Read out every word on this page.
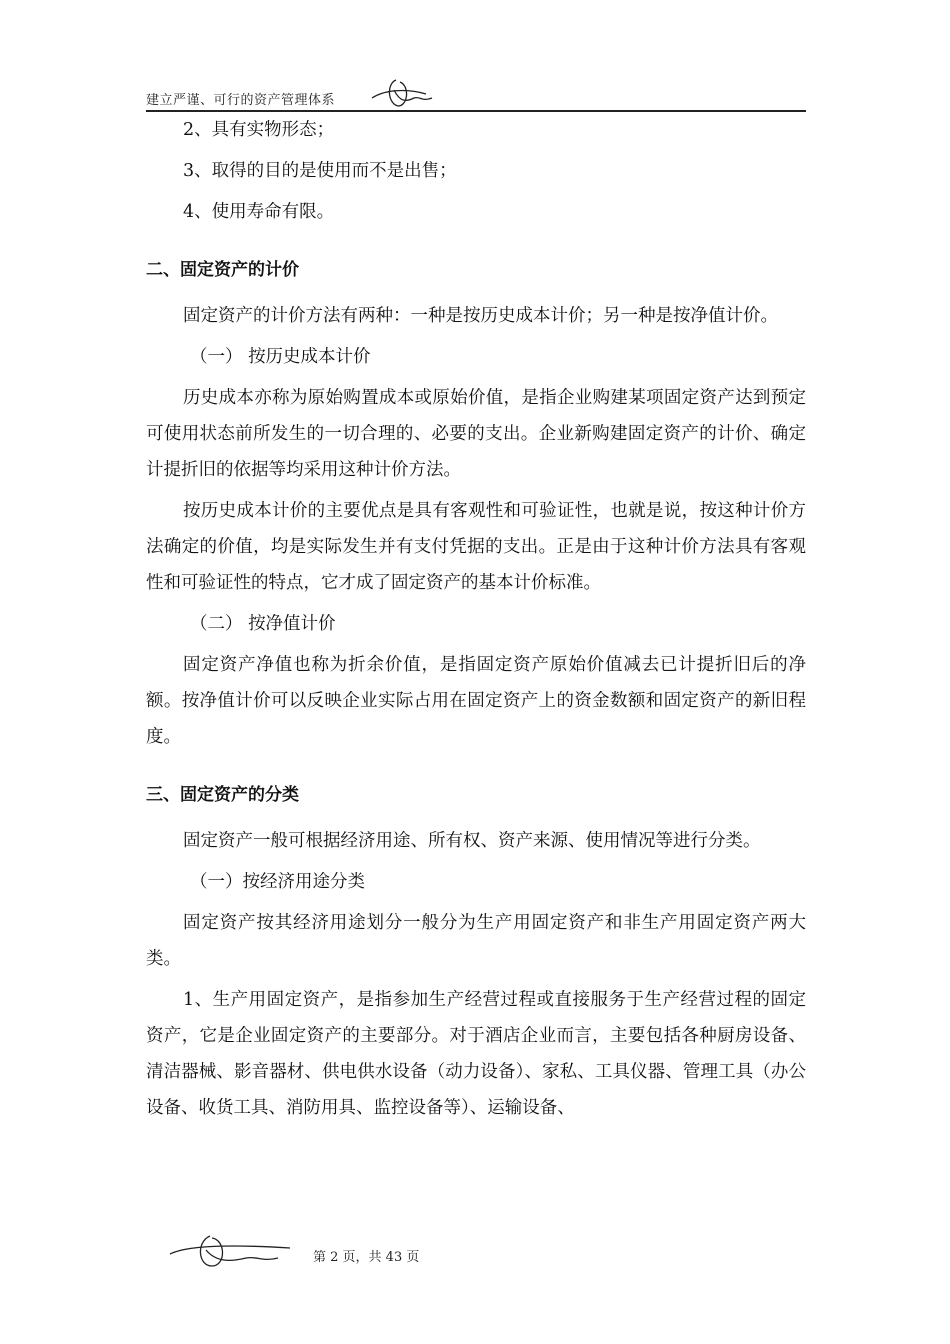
建立严谨、可行的资产管理体系

2、具有实物形态；

3、取得的目的是使用而不是出售；

4、使用寿命有限。

二、固定资产的计价

固定资产的计价方法有两种：一种是按历史成本计价；另一种是按净值计价。

（一） 按历史成本计价

历史成本亦称为原始购置成本或原始价值，是指企业购建某项固定资产达到预定可使用状态前所发生的一切合理的、必要的支出。企业新购建固定资产的计价、确定计提折旧的依据等均采用这种计价方法。

按历史成本计价的主要优点是具有客观性和可验证性，也就是说，按这种计价方法确定的价值，均是实际发生并有支付凭据的支出。正是由于这种计价方法具有客观性和可验证性的特点，它才成了固定资产的基本计价标准。

（二） 按净值计价

固定资产净值也称为折余价值，是指固定资产原始价值减去已计提折旧后的净额。按净值计价可以反映企业实际占用在固定资产上的资金数额和固定资产的新旧程度。

三、固定资产的分类

固定资产一般可根据经济用途、所有权、资产来源、使用情况等进行分类。

（一）按经济用途分类

固定资产按其经济用途划分一般分为生产用固定资产和非生产用固定资产两大类。

1、生产用固定资产，是指参加生产经营过程或直接服务于生产经营过程的固定资产，它是企业固定资产的主要部分。对于酒店企业而言，主要包括各种厨房设备、清洁器械、影音器材、供电供水设备（动力设备）、家私、工具仪器、管理工具（办公设备、收货工具、消防用具、监控设备等）、运输设备、

第 2 页，共 43 页
